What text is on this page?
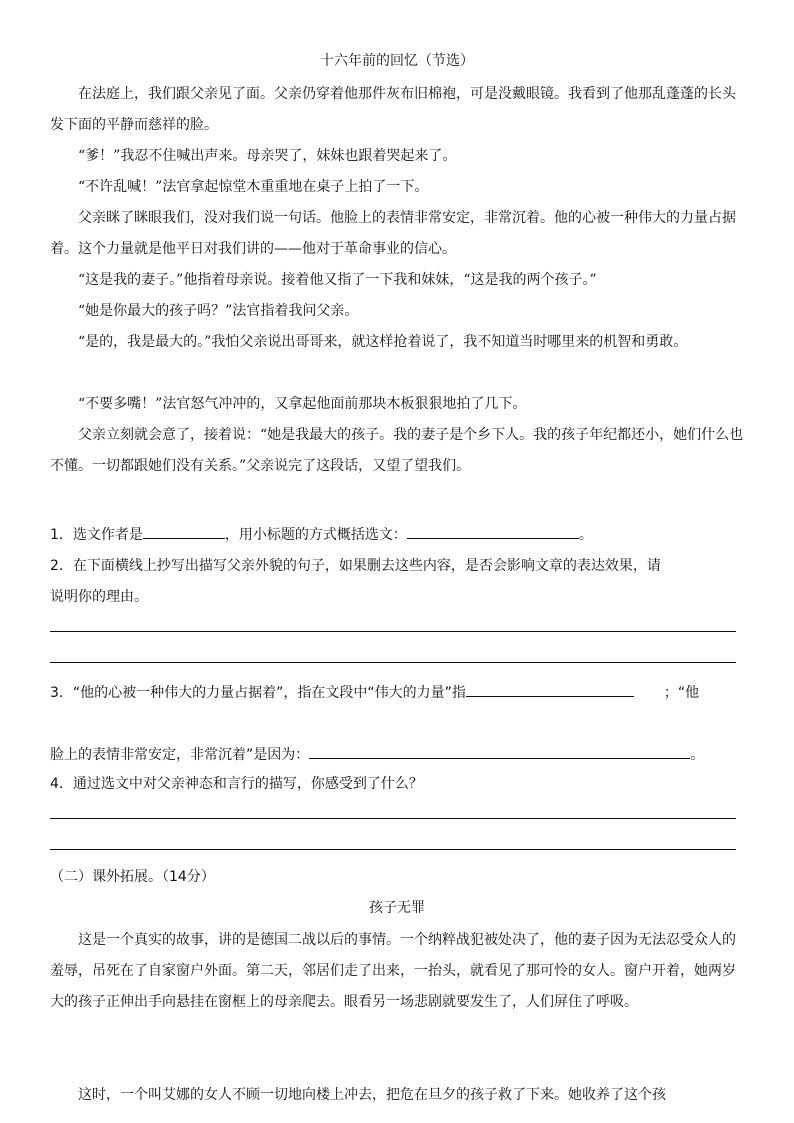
十六年前的回忆（节选）
在法庭上，我们跟父亲见了面。父亲仍穿着他那件灰布旧棉袍，可是没戴眼镜。我看到了他那乱蓬蓬的长头发下面的平静而慈祥的脸。
“爹！”我忍不住喊出声来。母亲哭了，妹妹也跟着哭起来了。
“不许乱喊！”法官拿起惊堂木重重地在桌子上拍了一下。
父亲眯了眯眼我们，没对我们说一句话。他脸上的表情非常安定，非常沉着。他的心被一种伟大的力量占据着。这个力量就是他平日对我们讲的——他对于革命事业的信心。
“这是我的妻子。”他指着母亲说。接着他又指了一下我和妹妹，“这是我的两个孩子。”
“她是你最大的孩子吗？”法官指着我问父亲。
“是的，我是最大的。”我怕父亲说出哥哥来，就这样抢着说了，我不知道当时哪里来的机智和勇敢。
“不要多嘴！”法官怒气冲冲的，又拿起他面前那块木板狠狠地拍了几下。
父亲立刻就会意了，接着说：“她是我最大的孩子。我的妻子是个乡下人。我的孩子年纪都还小，她们什么也不懂。一切都跟她们没有关系。”父亲说完了这段话，又望了望我们。
1．选文作者是	，用小标题的方式概括选文：	。
2．在下面横线上抄写出描写父亲外貌的句子，如果删去这些内容，是否会影响文章的表达效果，请
说明你的理由。
3．“他的心被一种伟大的力量占据着”，指在文段中“伟大的力量”指	；“他
脸上的表情非常安定，非常沉着”是因为：	。
4．通过选文中对父亲神态和言行的描写，你感受到了什么？
（二）课外拓展。（14分）
孩子无罪
这是一个真实的故事，讲的是德国二战以后的事情。一个纳粹战犯被处决了，他的妻子因为无法忍受众人的羞辱，吊死在了自家窗户外面。第二天，邻居们走了出来，一抬头，就看见了那可怜的女人。窗户开着，她两岁大的孩子正伸出手向悬挂在窗框上的母亲爬去。眼看另一场悲剧就要发生了，人们屏住了呼吸。
这时，一个叫艾娜的女人不顾一切地向楼上冲去，把危在旦夕的孩子救了下来。她收养了这个孩
